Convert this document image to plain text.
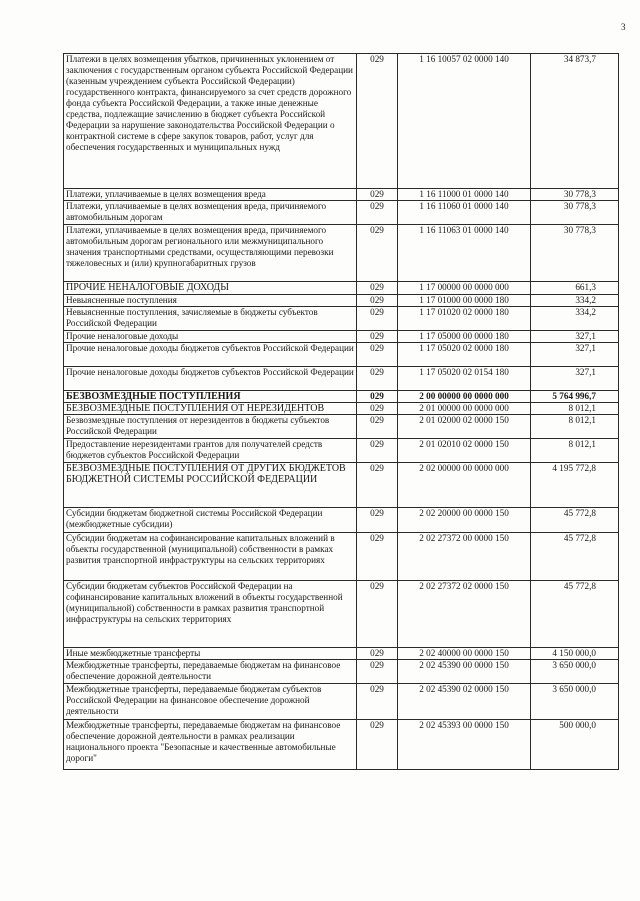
3
Платежи в целях возмещения убытков, причиненных уклонением от заключения с государственным органом субъекта Российской Федерации (казенным учреждением субъекта Российской Федерации) государственного контракта, финансируемого за счет средств дорожного фонда субъекта Российской Федерации, а также иные денежные средства, подлежащие зачислению в бюджет субъекта Российской Федерации за нарушение законодательства Российской Федерации о контрактной системе в сфере закупок товаров, работ, услуг для обеспечения государственных и муниципальных нужд	029	1 16 10057 02 0000 140	34 873,7
Платежи, уплачиваемые в целях возмещения вреда	029	1 16 11000 01 0000 140	30 778,3
Платежи, уплачиваемые в целях возмещения вреда, причиняемого автомобильным дорогам	029	1 16 11060 01 0000 140	30 778,3
Платежи, уплачиваемые в целях возмещения вреда, причиняемого автомобильным дорогам регионального или межмуниципального значения транспортными средствами, осуществляющими перевозки тяжеловесных и (или) крупногабаритных грузов	029	1 16 11063 01 0000 140	30 778,3
ПРОЧИЕ НЕНАЛОГОВЫЕ ДОХОДЫ	029	1 17 00000 00 0000 000	661,3
Невыясненные поступления	029	1 17 01000 00 0000 180	334,2
Невыясненные поступления, зачисляемые в бюджеты субъектов Российской Федерации	029	1 17 01020 02 0000 180	334,2
Прочие неналоговые доходы	029	1 17 05000 00 0000 180	327,1
Прочие неналоговые доходы бюджетов субъектов Российской Федерации	029	1 17 05020 02 0000 180	327,1
Прочие неналоговые доходы бюджетов субъектов Российской Федерации	029	1 17 05020 02 0154 180	327,1
БЕЗВОЗМЕЗДНЫЕ ПОСТУПЛЕНИЯ	029	2 00 00000 00 0000 000	5 764 996,7
БЕЗВОЗМЕЗДНЫЕ ПОСТУПЛЕНИЯ ОТ НЕРЕЗИДЕНТОВ	029	2 01 00000 00 0000 000	8 012,1
Безвозмездные поступления от нерезидентов в бюджеты субъектов Российской Федерации	029	2 01 02000 02 0000 150	8 012,1
Предоставление нерезидентами грантов для получателей средств бюджетов субъектов Российской Федерации	029	2 01 02010 02 0000 150	8 012,1
БЕЗВОЗМЕЗДНЫЕ ПОСТУПЛЕНИЯ ОТ ДРУГИХ БЮДЖЕТОВ БЮДЖЕТНОЙ СИСТЕМЫ РОССИЙСКОЙ ФЕДЕРАЦИИ	029	2 02 00000 00 0000 000	4 195 772,8
Субсидии бюджетам бюджетной системы Российской Федерации (межбюджетные субсидии)	029	2 02 20000 00 0000 150	45 772,8
Субсидии бюджетам на софинансирование капитальных вложений в объекты государственной (муниципальной) собственности в рамках развития транспортной инфраструктуры на сельских территориях	029	2 02 27372 00 0000 150	45 772,8
Субсидии бюджетам субъектов Российской Федерации на софинансирование капитальных вложений в объекты государственной (муниципальной) собственности в рамках развития транспортной инфраструктуры на сельских территориях	029	2 02 27372 02 0000 150	45 772,8
Иные межбюджетные трансферты	029	2 02 40000 00 0000 150	4 150 000,0
Межбюджетные трансферты, передаваемые бюджетам на финансовое обеспечение дорожной деятельности	029	2 02 45390 00 0000 150	3 650 000,0
Межбюджетные трансферты, передаваемые бюджетам субъектов Российской Федерации на финансовое обеспечение дорожной деятельности	029	2 02 45390 02 0000 150	3 650 000,0
Межбюджетные трансферты, передаваемые бюджетам на финансовое обеспечение дорожной деятельности в рамках реализации национального проекта "Безопасные и качественные автомобильные дороги"	029	2 02 45393 00 0000 150	500 000,0
